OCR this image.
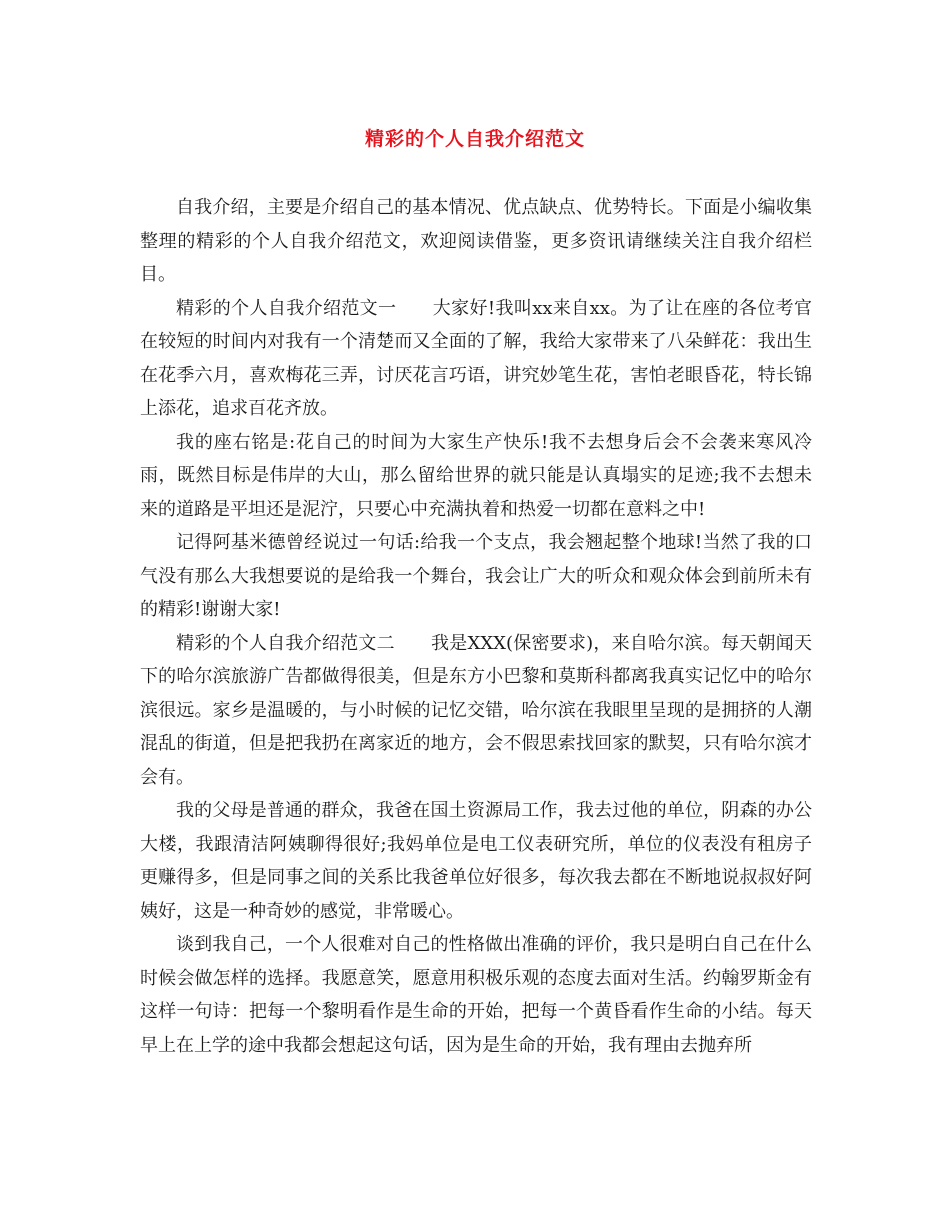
精彩的个人自我介绍范文

自我介绍，主要是介绍自己的基本情况、优点缺点、优势特长。下面是小编收集整理的精彩的个人自我介绍范文，欢迎阅读借鉴，更多资讯请继续关注自我介绍栏目。

精彩的个人自我介绍范文一 大家好!我叫xx来自xx。为了让在座的各位考官在较短的时间内对我有一个清楚而又全面的了解，我给大家带来了八朵鲜花：我出生在花季六月，喜欢梅花三弄，讨厌花言巧语，讲究妙笔生花，害怕老眼昏花，特长锦上添花，追求百花齐放。

我的座右铭是:花自己的时间为大家生产快乐!我不去想身后会不会袭来寒风冷雨，既然目标是伟岸的大山，那么留给世界的就只能是认真塌实的足迹;我不去想未来的道路是平坦还是泥泞，只要心中充满执着和热爱一切都在意料之中!

记得阿基米德曾经说过一句话:给我一个支点，我会翘起整个地球!当然了我的口气没有那么大我想要说的是给我一个舞台，我会让广大的听众和观众体会到前所未有的精彩!谢谢大家!

精彩的个人自我介绍范文二 我是XXX(保密要求)，来自哈尔滨。每天朝闻天下的哈尔滨旅游广告都做得很美，但是东方小巴黎和莫斯科都离我真实记忆中的哈尔滨很远。家乡是温暖的，与小时候的记忆交错，哈尔滨在我眼里呈现的是拥挤的人潮混乱的街道，但是把我扔在离家近的地方，会不假思索找回家的默契，只有哈尔滨才会有。

我的父母是普通的群众，我爸在国土资源局工作，我去过他的单位，阴森的办公大楼，我跟清洁阿姨聊得很好;我妈单位是电工仪表研究所，单位的仪表没有租房子更赚得多，但是同事之间的关系比我爸单位好很多，每次我去都在不断地说叔叔好阿姨好，这是一种奇妙的感觉，非常暖心。

谈到我自己，一个人很难对自己的性格做出准确的评价，我只是明白自己在什么时候会做怎样的选择。我愿意笑，愿意用积极乐观的态度去面对生活。约翰罗斯金有这样一句诗：把每一个黎明看作是生命的开始，把每一个黄昏看作生命的小结。每天早上在上学的途中我都会想起这句话，因为是生命的开始，我有理由去抛弃所
